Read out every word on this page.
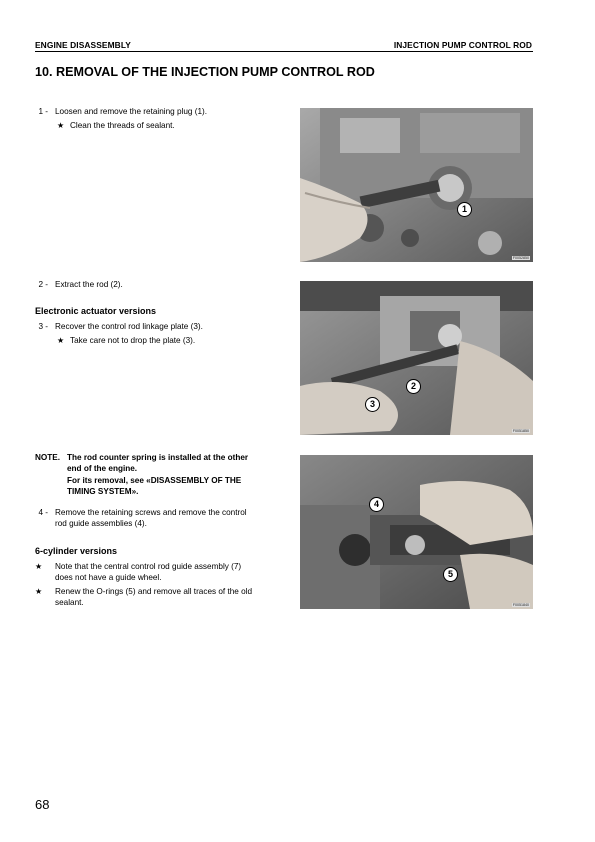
ENGINE DISASSEMBLY	INJECTION PUMP CONTROL ROD
10. REMOVAL OF THE INJECTION PUMP CONTROL ROD
1 - Loosen and remove the retaining plug (1).
★ Clean the threads of sealant.
2 - Extract the rod (2).
Electronic actuator versions
3 - Recover the control rod linkage plate (3).
★ Take care not to drop the plate (3).
NOTE. The rod counter spring is installed at the other
end of the engine.
For its removal, see «DISASSEMBLY OF THE
TIMING SYSTEM».
4 - Remove the retaining screws and remove the control
rod guide assemblies (4).
6-cylinder versions
★ Note that the central control rod guide assembly (7)
does not have a guide wheel.
★ Renew the O-rings (5) and remove all traces of the old
sealant.
1
F0052850
2
3
F0051850
4
5
F0051840
68
